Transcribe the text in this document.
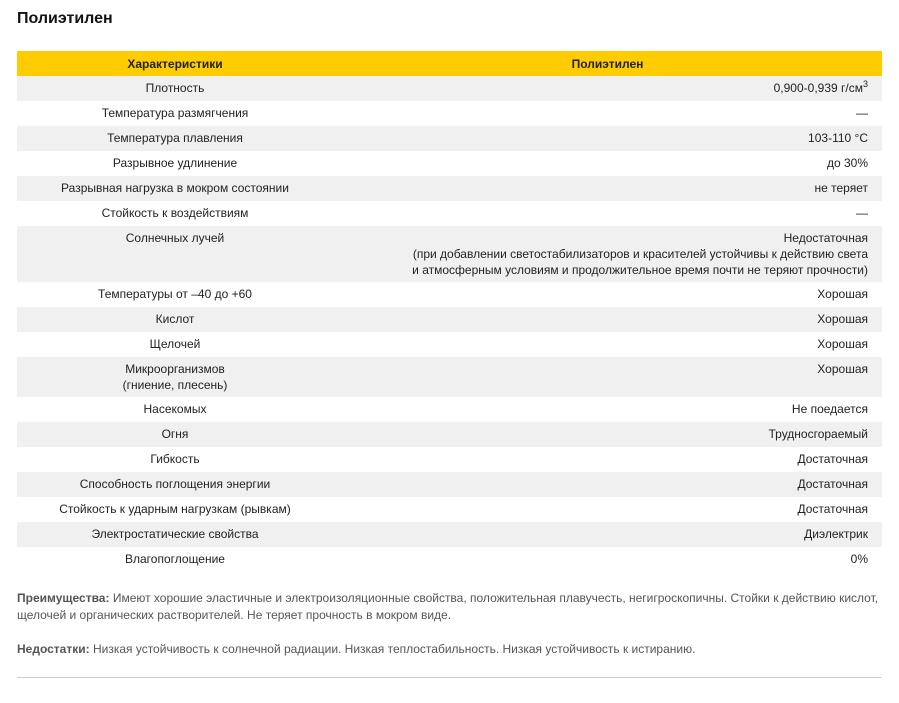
Полиэтилен
Характеристики	Полиэтилен

Плотность	0,900-0,939 $г/см^3$

Температура размягчения	—

Температура плавления	103-110 °С

Разрывное удлинение	до 30%

Разрывная нагрузка в мокром состоянии	не теряет

Стойкость к воздействиям	—

Солнечных лучей	Недостаточная
(при добавлении светостабилизаторов и красителей устойчивы к действию света
и атмосферным условиям и продолжительное время почти не теряют прочности)

Температуры от –40 до +60	Хорошая

Кислот	Хорошая

Щелочей	Хорошая

Микроорганизмов
(гниение, плесень)	Хорошая

Насекомых	Не поедается

Огня	Трудносгораемый

Гибкость	Достаточная

Способность поглощения энергии	Достаточная

Стойкость к ударным нагрузкам (рывкам)	Достаточная

Электростатические свойства	Диэлектрик

Влагопоглощение	0%
Преимущества: Имеют хорошие эластичные и электроизоляционные свойства, положительная плавучесть, негигроскопичны. Стойки к действию кислот, щелочей и органических растворителей. Не теряет прочность в мокром виде.
Недостатки: Низкая устойчивость к солнечной радиации. Низкая теплостабильность. Низкая устойчивость к истиранию.
